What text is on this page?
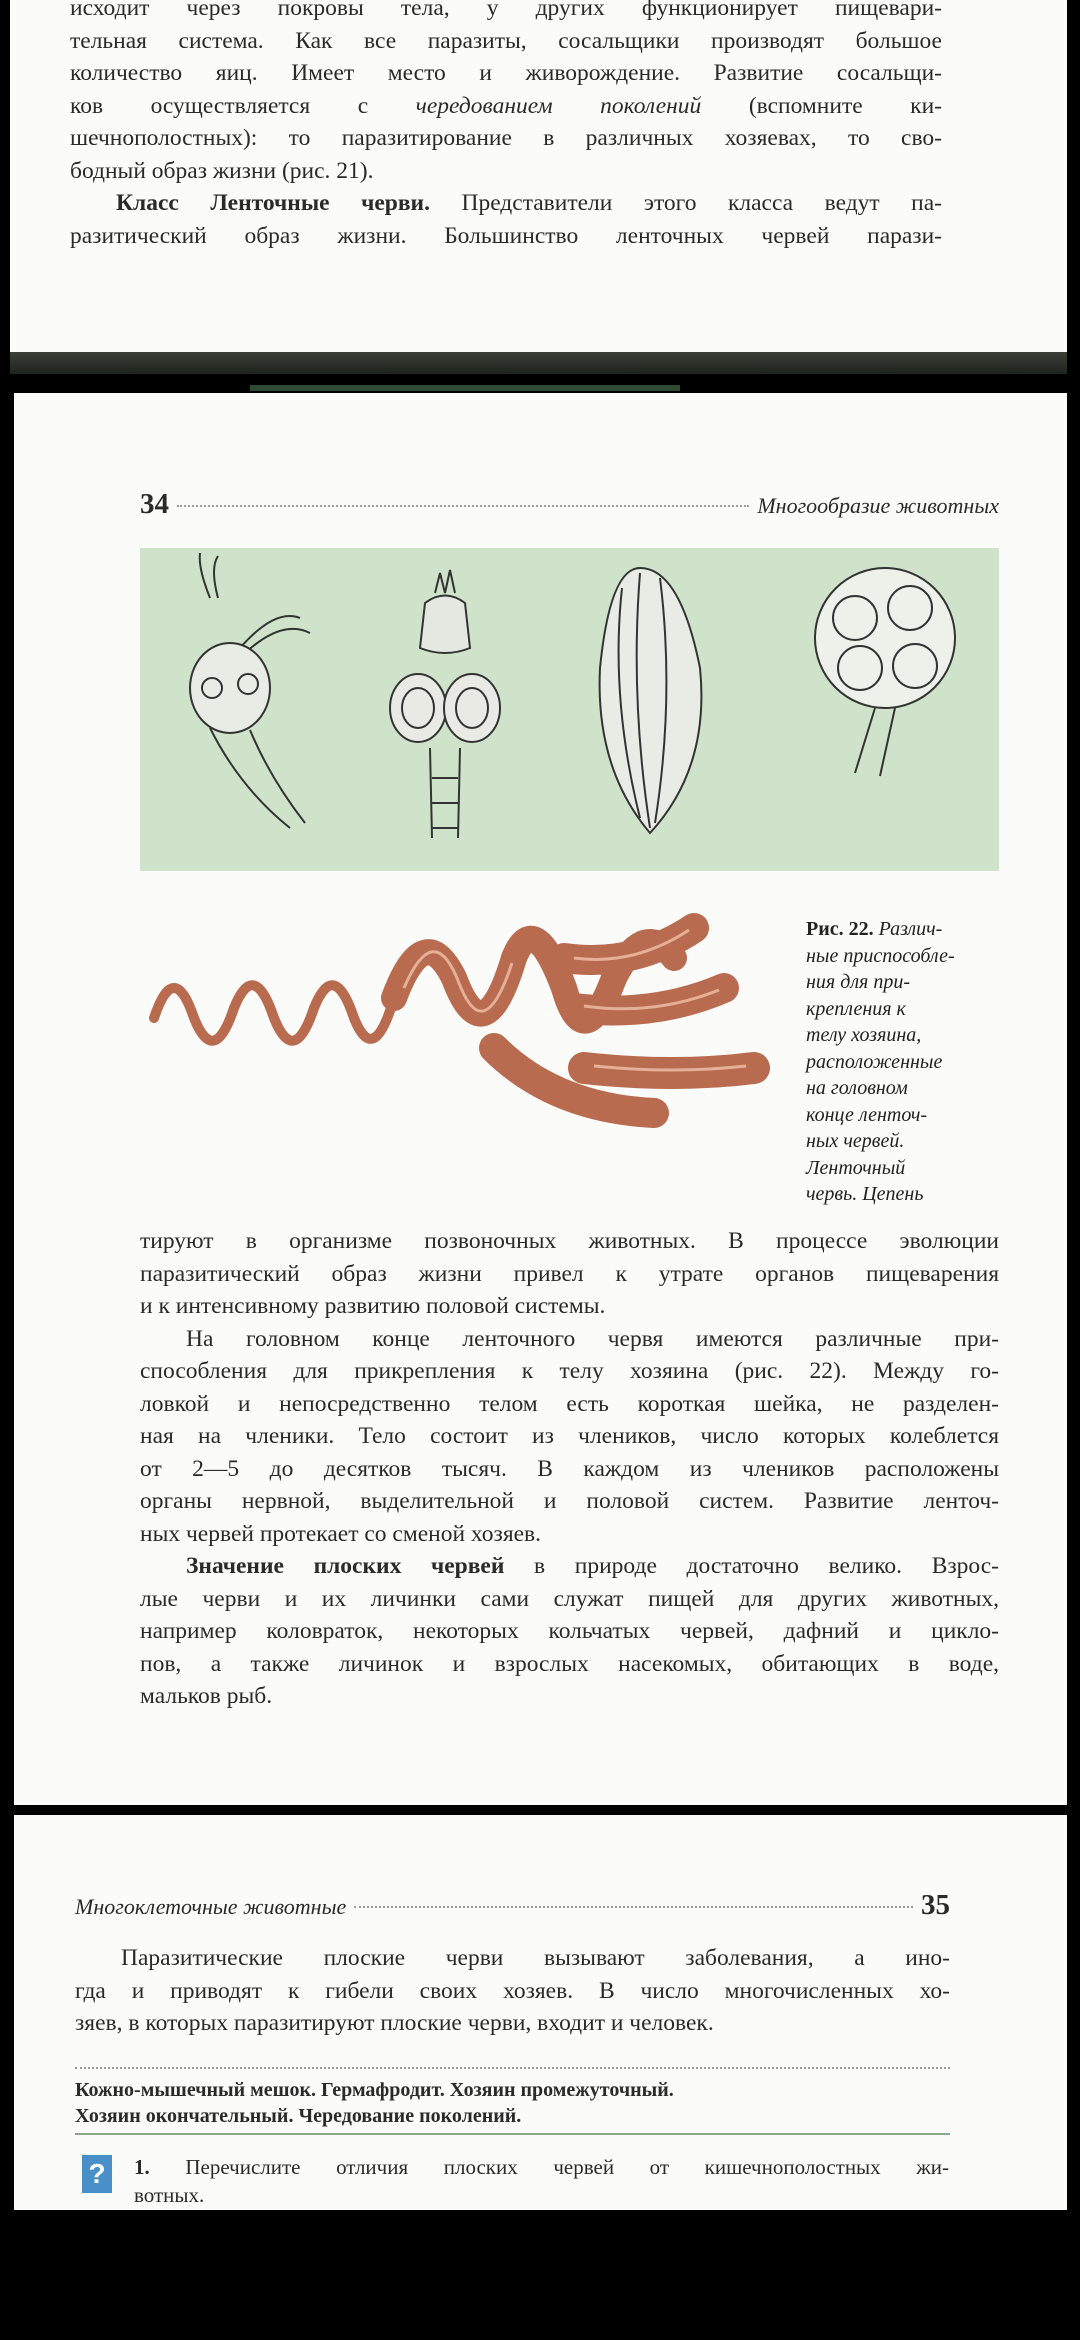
исходит через покровы тела, у других функционирует пищевари-
тельная система. Как все паразиты, сосальщики производят большое
количество яиц. Имеет место и живорождение. Развитие сосальщи-
ков осуществляется с чередованием поколений (вспомните ки-
шечнополостных): то паразитирование в различных хозяевах, то сво-
бодный образ жизни (рис. 21).
Класс Ленточные черви. Представители этого класса ведут па-
разитический образ жизни. Большинство ленточных червей парази-
34	Многообразие животных
Рис. 22. Различ-
ные приспособле-
ния для при-
крепления к
телу хозяина,
расположенные
на головном
конце ленточ-
ных червей.
Ленточный
червь. Цепень
тируют в организме позвоночных животных. В процессе эволюции
паразитический образ жизни привел к утрате органов пищеварения
и к интенсивному развитию половой системы.
На головном конце ленточного червя имеются различные при-
способления для прикрепления к телу хозяина (рис. 22). Между го-
ловкой и непосредственно телом есть короткая шейка, не разделен-
ная на членики. Тело состоит из члеников, число которых колеблется
от 2—5 до десятков тысяч. В каждом из члеников расположены
органы нервной, выделительной и половой систем. Развитие ленточ-
ных червей протекает со сменой хозяев.
Значение плоских червей в природе достаточно велико. Взрос-
лые черви и их личинки сами служат пищей для других животных,
например коловраток, некоторых кольчатых червей, дафний и цикло-
пов, а также личинок и взрослых насекомых, обитающих в воде,
мальков рыб.
Многоклеточные животные	35
Паразитические плоские черви вызывают заболевания, а ино-
гда и приводят к гибели своих хозяев. В число многочисленных хо-
зяев, в которых паразитируют плоские черви, входит и человек.
Кожно-мышечный мешок. Гермафродит. Хозяин промежуточный.
Хозяин окончательный. Чередование поколений.
?	1. Перечислите отличия плоских червей от кишечнополостных жи-
вотных.
